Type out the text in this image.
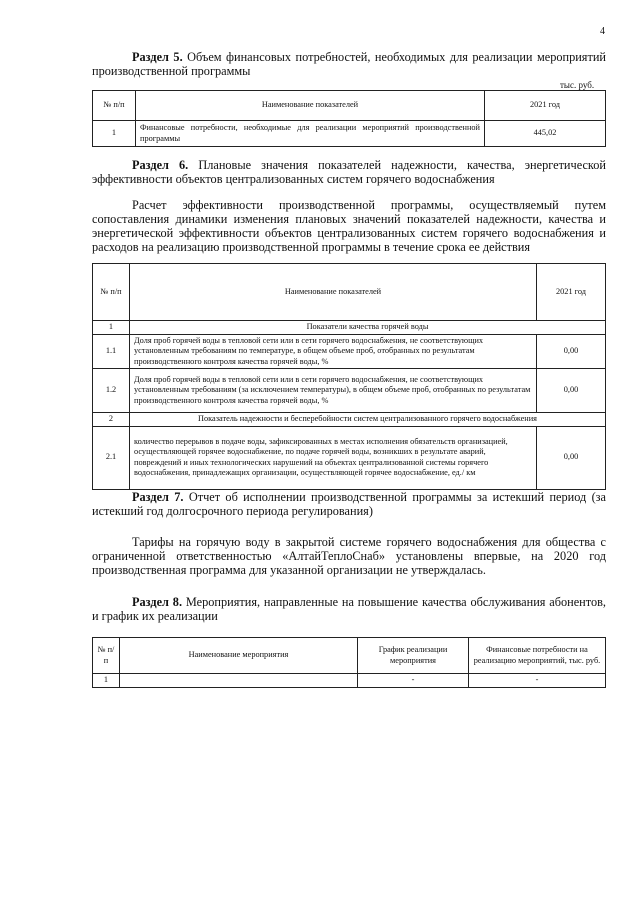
4
Раздел 5. Объем финансовых потребностей, необходимых для реализации мероприятий производственной программы
тыс. руб.
№ п/п	Наименование показателей	2021 год
1	Финансовые потребности, необходимые для реализации мероприятий производственной программы	445,02
Раздел 6. Плановые значения показателей надежности, качества, энергетической эффективности объектов централизованных систем горячего водоснабжения
Расчет эффективности производственной программы, осуществляемый путем сопоставления динамики изменения плановых значений показателей надежности, качества и энергетической эффективности объектов централизованных систем горячего водоснабжения и расходов на реализацию производственной программы в течение срока ее действия
№ п/п	Наименование показателей	2021 год
1	Показатели качества горячей воды	
1.1	Доля проб горячей воды в тепловой сети или в сети горячего водоснабжения, не соответствующих установленным требованиям по температуре, в общем объеме проб, отобранных по результатам производственного контроля качества горячей воды, %	0,00
1.2	Доля проб горячей воды в тепловой сети или в сети горячего водоснабжения, не соответствующих установленным требованиям (за исключением температуры), в общем объеме проб, отобранных по результатам производственного контроля качества горячей воды, %	0,00
2	Показатель надежности и бесперебойности систем централизованного горячего водоснабжения	
2.1	количество перерывов в подаче воды, зафиксированных в местах исполнения обязательств организацией, осуществляющей горячее водоснабжение, по подаче горячей воды, возникших в результате аварий, повреждений и иных технологических нарушений на объектах централизованной системы горячего водоснабжения, принадлежащих организации, осуществляющей горячее водоснабжение, ед./ км	0,00
Раздел 7. Отчет об исполнении производственной программы за истекший период (за истекший год долгосрочного периода регулирования)
Тарифы на горячую воду в закрытой системе горячего водоснабжения для общества с ограниченной ответственностью «АлтайТеплоСнаб» установлены впервые, на 2020 год производственная программа для указанной организации не утверждалась.
Раздел 8. Мероприятия, направленные на повышение качества обслуживания абонентов, и график их реализации
№ п/п	Наименование мероприятия	График реализации мероприятия	Финансовые потребности на реализацию мероприятий, тыс. руб.
1		-	-
